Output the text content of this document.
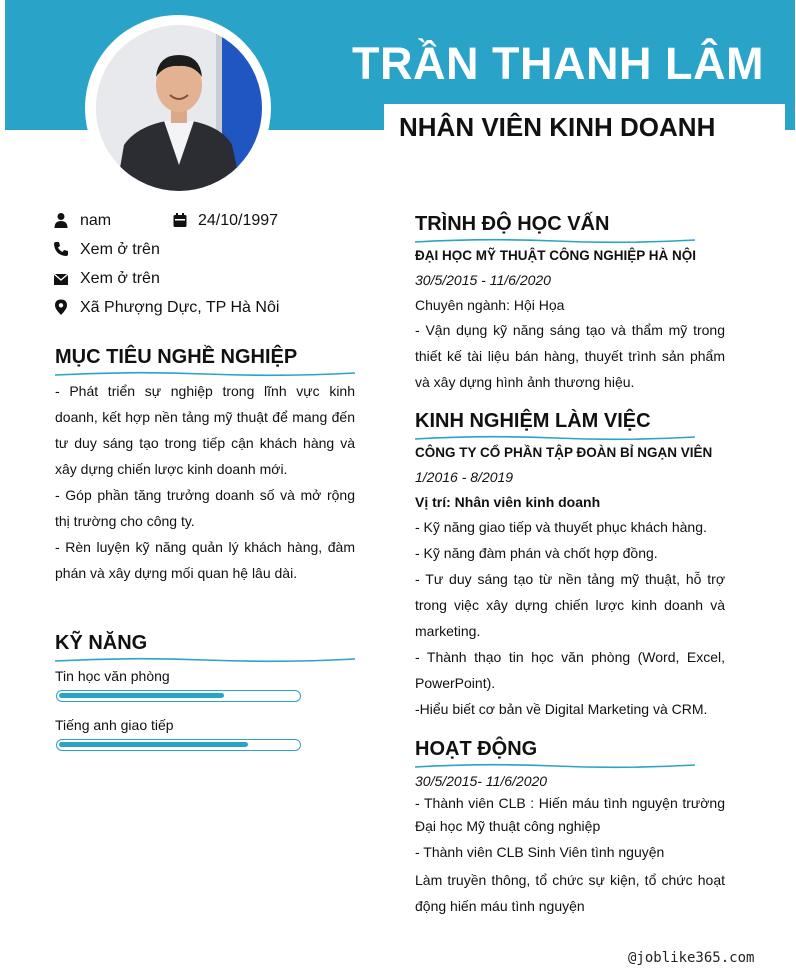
TRẦN THANH LÂM
NHÂN VIÊN KINH DOANH
nam	24/10/1997
Xem ở trên
Xem ở trên
Xã Phượng Dực, TP Hà Nôi
MỤC TIÊU NGHỀ NGHIỆP

- Phát triển sự nghiệp trong lĩnh vực kinh doanh, kết hợp nền tảng mỹ thuật để mang đến tư duy sáng tạo trong tiếp cận khách hàng và xây dựng chiến lược kinh doanh mới.

- Góp phần tăng trưởng doanh số và mở rộng thị trường cho công ty.

- Rèn luyện kỹ năng quản lý khách hàng, đàm phán và xây dựng mối quan hệ lâu dài.

KỸ NĂNG
Tin học văn phòng
Tiếng anh giao tiếp
TRÌNH ĐỘ HỌC VẤN
ĐẠI HỌC MỸ THUẬT CÔNG NGHIỆP HÀ NỘI
30/5/2015 - 11/6/2020
Chuyên ngành: Hội Họa

- Vận dụng kỹ năng sáng tạo và thẩm mỹ trong thiết kế tài liệu bán hàng, thuyết trình sản phẩm và xây dựng hình ảnh thương hiệu.

KINH NGHIỆM LÀM VIỆC
CÔNG TY CỔ PHẦN TẬP ĐOÀN BỈ NGẠN VIÊN
1/2016 - 8/2019
Vị trí: Nhân viên kinh doanh

- Kỹ năng giao tiếp và thuyết phục khách hàng.

- Kỹ năng đàm phán và chốt hợp đồng.

- Tư duy sáng tạo từ nền tảng mỹ thuật, hỗ trợ trong việc xây dựng chiến lược kinh doanh và marketing.

- Thành thạo tin học văn phòng (Word, Excel, PowerPoint).

-Hiểu biết cơ bản về Digital Marketing và CRM.

HOẠT ĐỘNG
30/5/2015- 11/6/2020

- Thành viên CLB : Hiến máu tình nguyện trường Đại học Mỹ thuật công nghiệp

- Thành viên CLB Sinh Viên tình nguyện

Làm truyền thông, tổ chức sự kiện, tổ chức hoạt động hiến máu tình nguyện

@joblike365.com
